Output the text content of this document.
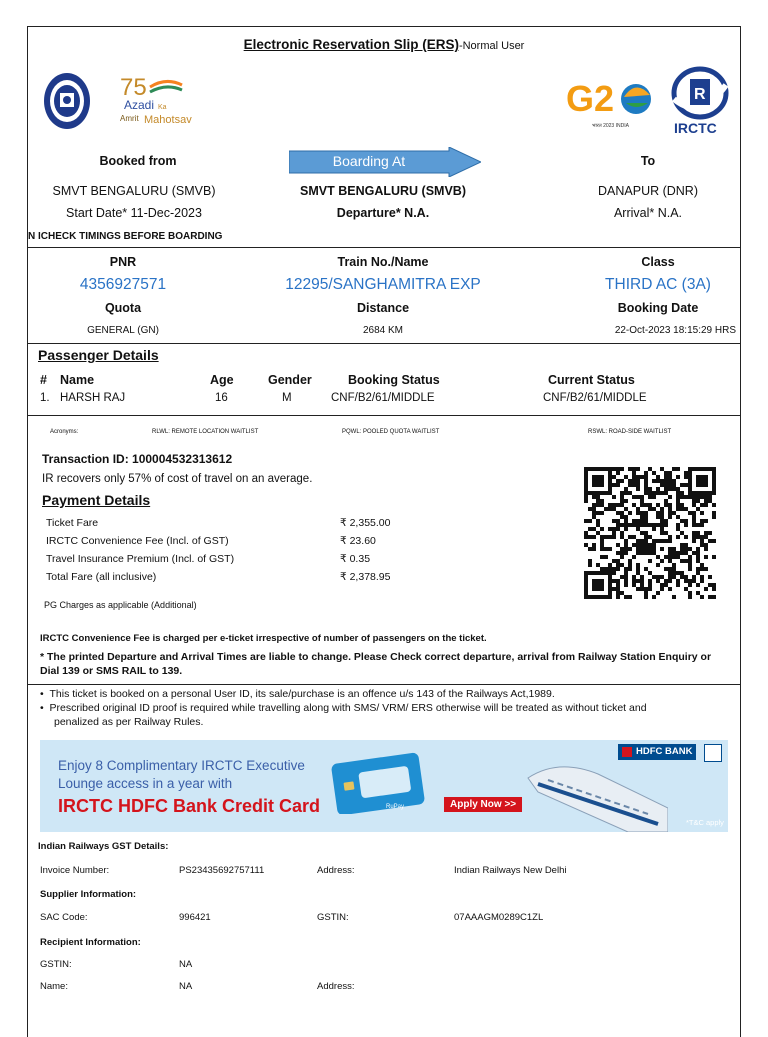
Electronic Reservation Slip (ERS)-Normal User
75
Azadi Ka
Amrit Mahotsav
G2
भारत 2023 INDIA
R
IRCTC
Booked from	Boarding At	To
SMVT BENGALURU (SMVB)	SMVT BENGALURU (SMVB)	DANAPUR (DNR)
Start Date* 11-Dec-2023	Departure* N.A.	Arrival* N.A.
N ICHECK TIMINGS BEFORE BOARDING
PNR	Train No./Name	Class
4356927571	12295/SANGHAMITRA EXP	THIRD AC (3A)
Quota	Distance	Booking Date
GENERAL (GN)	2684 KM	22-Oct-2023 18:15:29 HRS
Passenger Details
# Name	Age	Gender	Booking Status	Current Status
1. HARSH RAJ	16	M	CNF/B2/61/MIDDLE	CNF/B2/61/MIDDLE
Acronyms:	RLWL: REMOTE LOCATION WAITLIST	PQWL: POOLED QUOTA WAITLIST	RSWL: ROAD-SIDE WAITLIST
Transaction ID: 100004532313612
IR recovers only 57% of cost of travel on an average.
Payment Details
Ticket Fare	₹ 2,355.00
IRCTC Convenience Fee (Incl. of GST)	₹ 23.60
Travel Insurance Premium (Incl. of GST)	₹ 0.35
Total Fare (all inclusive)	₹ 2,378.95
PG Charges as applicable (Additional)
IRCTC Convenience Fee is charged per e-ticket irrespective of number of passengers on the ticket.
* The printed Departure and Arrival Times are liable to change. Please Check correct departure, arrival from Railway Station Enquiry or
Dial 139 or SMS RAIL to 139.
•  This ticket is booked on a personal User ID, its sale/purchase is an offence u/s 143 of the Railways Act,1989.
•  Prescribed original ID proof is required while travelling along with SMS/ VRM/ ERS otherwise will be treated as without ticket and
penalized as per Railway Rules.
Enjoy 8 Complimentary IRCTC Executive
Lounge access in a year with
IRCTC HDFC Bank Credit Card	RuPay	Apply Now >>
HDFC BANK
*T&C apply
Indian Railways GST Details:
Invoice Number:	PS23435692757111	Address:	Indian Railways New Delhi
Supplier Information:
SAC Code:	996421	GSTIN:	07AAAGM0289C1ZL
Recipient Information:
GSTIN:	NA
Name:	NA	Address:
